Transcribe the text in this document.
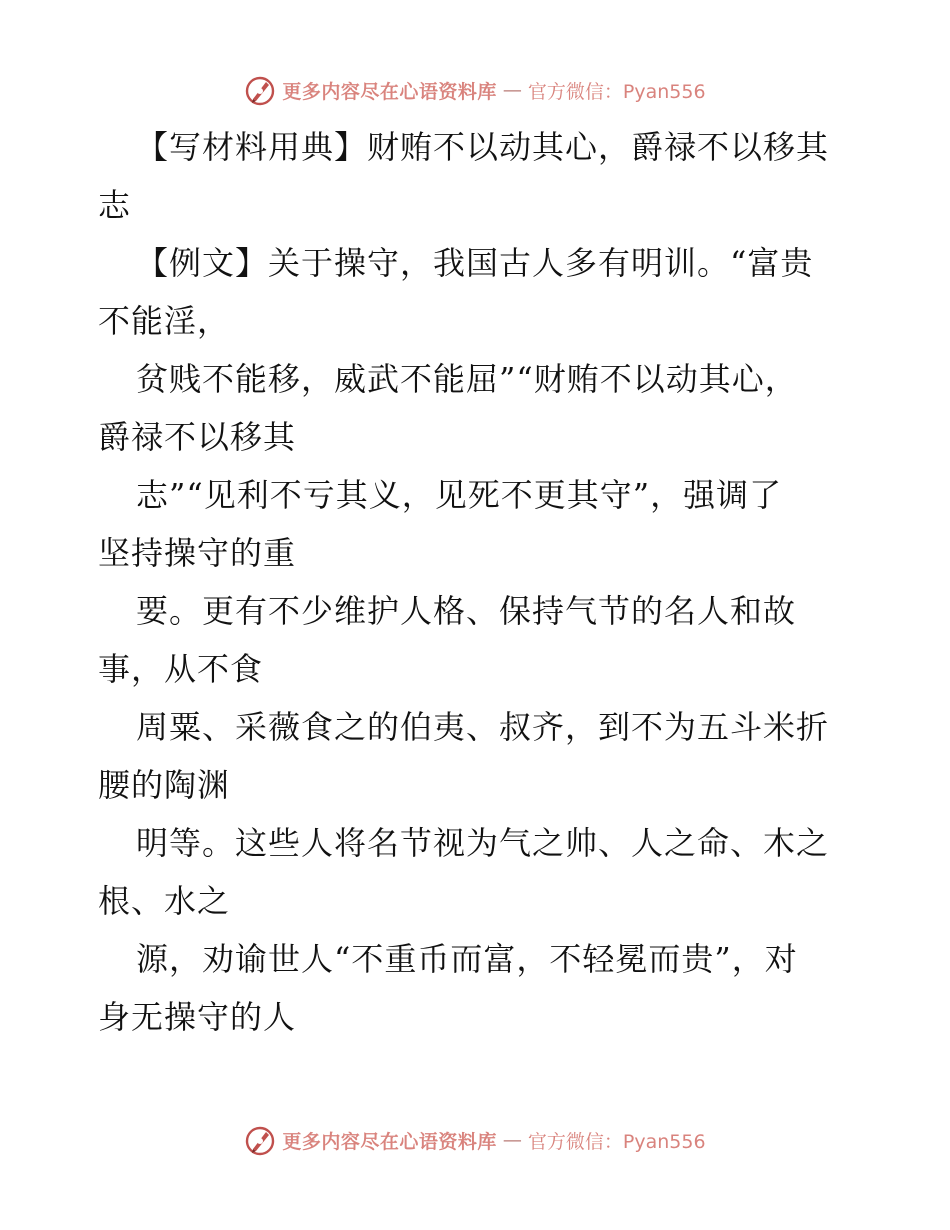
更多内容尽在心语资料库 — 官方微信：Pyan556
【写材料用典】财贿不以动其心，爵禄不以移其
志
【例文】关于操守，我国古人多有明训。“富贵
不能淫，
贫贱不能移，威武不能屈”“财贿不以动其心，
爵禄不以移其
志”“见利不亏其义，见死不更其守”，强调了
坚持操守的重
要。更有不少维护人格、保持气节的名人和故
事，从不食
周粟、采薇食之的伯夷、叔齐，到不为五斗米折
腰的陶渊
明等。这些人将名节视为气之帅、人之命、木之
根、水之
源，劝谕世人“不重币而富，不轻冕而贵”，对
身无操守的人
更多内容尽在心语资料库 — 官方微信：Pyan556
